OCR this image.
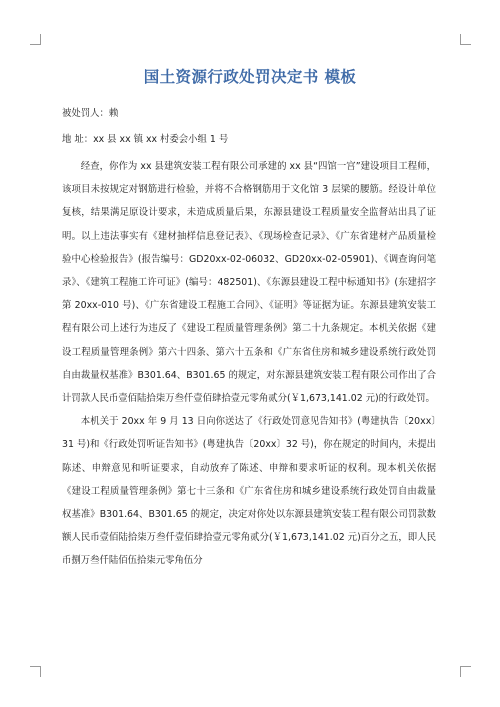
国土资源行政处罚决定书 模板

被处罚人：赖

地 址：xx 县 xx 镇 xx 村委会小组 1 号

经查，你作为 xx 县建筑安装工程有限公司承建的 xx 县“四馆一宫”建设项目工程师，该项目未按规定对钢筋进行检验，并将不合格钢筋用于文化馆 3 层梁的腰筋。经设计单位复核，结果满足原设计要求，未造成质量后果，东源县建设工程质量安全监督站出具了证明。以上违法事实有《建材抽样信息登记表》、《现场检查记录》、《广东省建材产品质量检验中心检验报告》(报告编号：GD20xx-02-06032、GD20xx-02-05901)、《调查询问笔录》、《建筑工程施工许可证》(编号：482501)、《东源县建设工程中标通知书》(东建招字第 20xx-010 号)、《广东省建设工程施工合同》、《证明》等证据为证。东源县建筑安装工程有限公司上述行为违反了《建设工程质量管理条例》第二十九条规定。本机关依据《建设工程质量管理条例》第六十四条、第六十五条和《广东省住房和城乡建设系统行政处罚自由裁量权基准》B301.64、B301.65 的规定，对东源县建筑安装工程有限公司作出了合计罚款人民币壹佰陆拾柒万叁仟壹佰肆拾壹元零角贰分(￥1,673,141.02 元)的行政处罚。

本机关于 20xx 年 9 月 13 日向你送达了《行政处罚意见告知书》(粤建执告〔20xx〕31 号)和《行政处罚听证告知书》(粤建执告〔20xx〕32 号)，你在规定的时间内，未提出陈述、申辩意见和听证要求，自动放弃了陈述、申辩和要求听证的权利。现本机关依据《建设工程质量管理条例》第七十三条和《广东省住房和城乡建设系统行政处罚自由裁量权基准》B301.64、B301.65 的规定，决定对你处以东源县建筑安装工程有限公司罚款数额人民币壹佰陆拾柒万叁仟壹佰肆拾壹元零角贰分(￥1,673,141.02 元)百分之五，即人民币捌万叁仟陆佰伍拾柒元零角伍分
